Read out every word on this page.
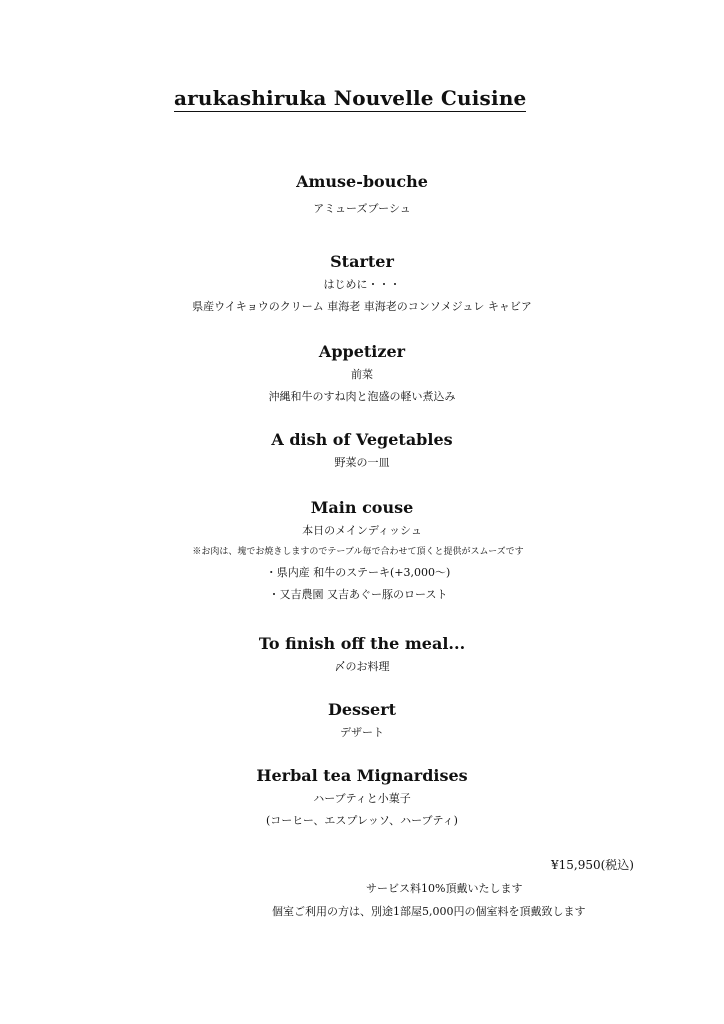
arukashiruka Nouvelle Cuisine
Amuse-bouche
アミューズブーシュ
Starter
はじめに・・・
県産ウイキョウのクリーム 車海老 車海老のコンソメジュレ キャビア
Appetizer
前菜
沖縄和牛のすね肉と泡盛の軽い煮込み
A dish of Vegetables
野菜の一皿
Main couse
本日のメインディッシュ
※お肉は、塊でお焼きしますのでテーブル毎で合わせて頂くと提供がスムーズです
・県内産 和牛のステーキ(+3,000〜)
・又吉農園 又吉あぐー豚のロースト
To finish off the meal...
〆のお料理
Dessert
デザート
Herbal tea Mignardises
ハーブティと小菓子
(コーヒー、エスプレッソ、ハーブティ)
¥15,950(税込)
サービス料10%頂戴いたします
個室ご利用の方は、別途1部屋5,000円の個室料を頂戴致します
